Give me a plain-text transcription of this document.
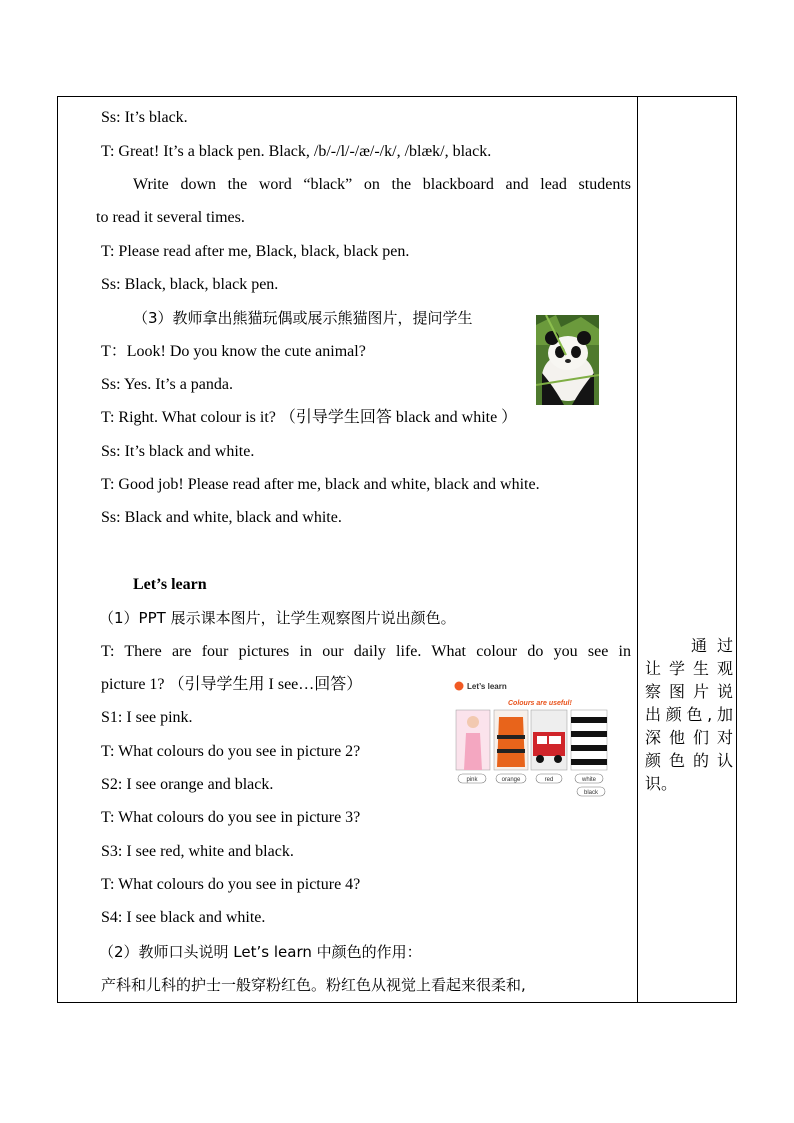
Ss: It’s black.
T: Great! It’s a black pen. Black, /b/-/l/-/æ/-/k/, /blæk/, black.
Write down the word “black” on the blackboard and lead students
to read it several times.
T: Please read after me, Black, black, black pen.
Ss: Black, black, black pen.
（3）教师拿出熊猫玩偶或展示熊猫图片，提问学生
T：Look! Do you know the cute animal?
Ss: Yes. It’s a panda.
T: Right. What colour is it? （引导学生回答 black and white ）
Ss: It’s black and white.
T: Good job! Please read after me, black and white, black and white.
Ss: Black and white, black and white.
Let’s learn
（1）PPT 展示课本图片，让学生观察图片说出颜色。
T: There are four pictures in our daily life. What colour do you see in
picture 1? （引导学生用 I see…回答）
S1: I see pink.
T: What colours do you see in picture 2?
S2: I see orange and black.
T: What colours do you see in picture 3?
S3: I see red, white and black.
T: What colours do you see in picture 4?
S4: I see black and white.
（2）教师口头说明 Let’s learn 中颜色的作用：
产科和儿科的护士一般穿粉红色。粉红色从视觉上看起来很柔和,
Let’s learn
Colours are useful!
pink	orange	red	white
black
通 过
让学生观
察图片说
出颜色,加
深他们对
颜色的认
识。
